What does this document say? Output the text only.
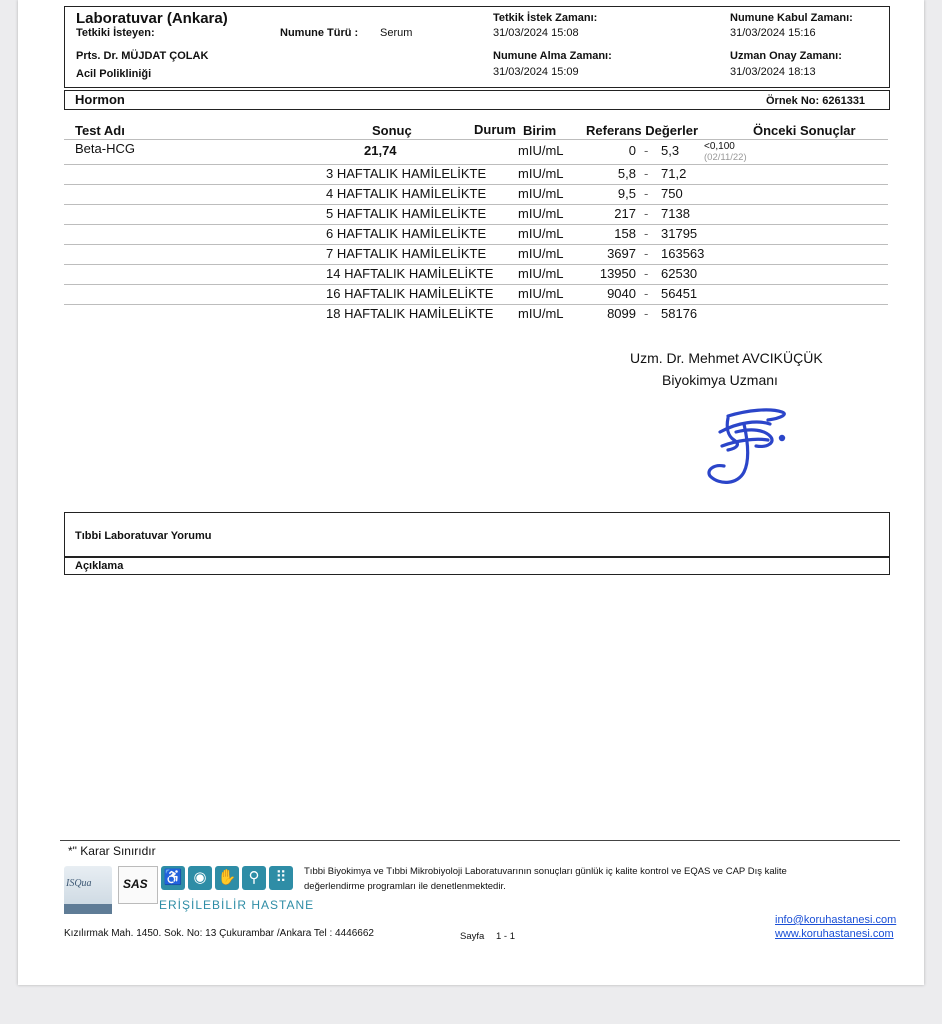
Laboratuvar (Ankara)
Tetkiki İsteyen:	Numune Türü : Serum
Tetkik İstek Zamanı:
31/03/2024 15:08
Numune Kabul Zamanı:
31/03/2024 15:16
Prts. Dr. MÜJDAT ÇOLAK
Acil Polikliniği
Numune Alma Zamanı:
31/03/2024 15:09
Uzman Onay Zamanı:
31/03/2024 18:13
Hormon	Örnek No: 6261331
Test Adı	Sonuç	Durum Birim Referans Değerler	Önceki Sonuçlar
Beta-HCG	21,74	mIU/mL	0 - 5,3 <0,100
(02/11/22)
3 HAFTALIK HAMİLELİKTE mIU/mL	5,8 - 71,2
4 HAFTALIK HAMİLELİKTE mIU/mL	9,5 - 750
5 HAFTALIK HAMİLELİKTE mIU/mL	217 - 7138
6 HAFTALIK HAMİLELİKTE mIU/mL	158 - 31795
7 HAFTALIK HAMİLELİKTE mIU/mL	3697 - 163563
14 HAFTALIK HAMİLELİKTE mIU/mL	13950 - 62530
16 HAFTALIK HAMİLELİKTE mIU/mL	9040 - 56451
18 HAFTALIK HAMİLELİKTE mIU/mL	8099 - 58176
Uzm. Dr. Mehmet AVCIKÜÇÜK
Biyokimya Uzmanı
Tıbbi Laboratuvar Yorumu
Açıklama
*" Karar Sınırıdır
ISQua	SAS ♿ ◉ ✋ ⚲	⠿
ERİŞİLEBİLİR HASTANE
Tıbbi Biyokimya ve Tıbbi Mikrobiyoloji Laboratuvarının sonuçları günlük iç kalite kontrol ve EQAS ve CAP Dış kalite
değerlendirme programları ile denetlenmektedir.
info@koruhastanesi.com
www.koruhastanesi.com
Kızılırmak Mah. 1450. Sok. No: 13 Çukurambar /Ankara Tel : 4446662	Sayfa 1 - 1
